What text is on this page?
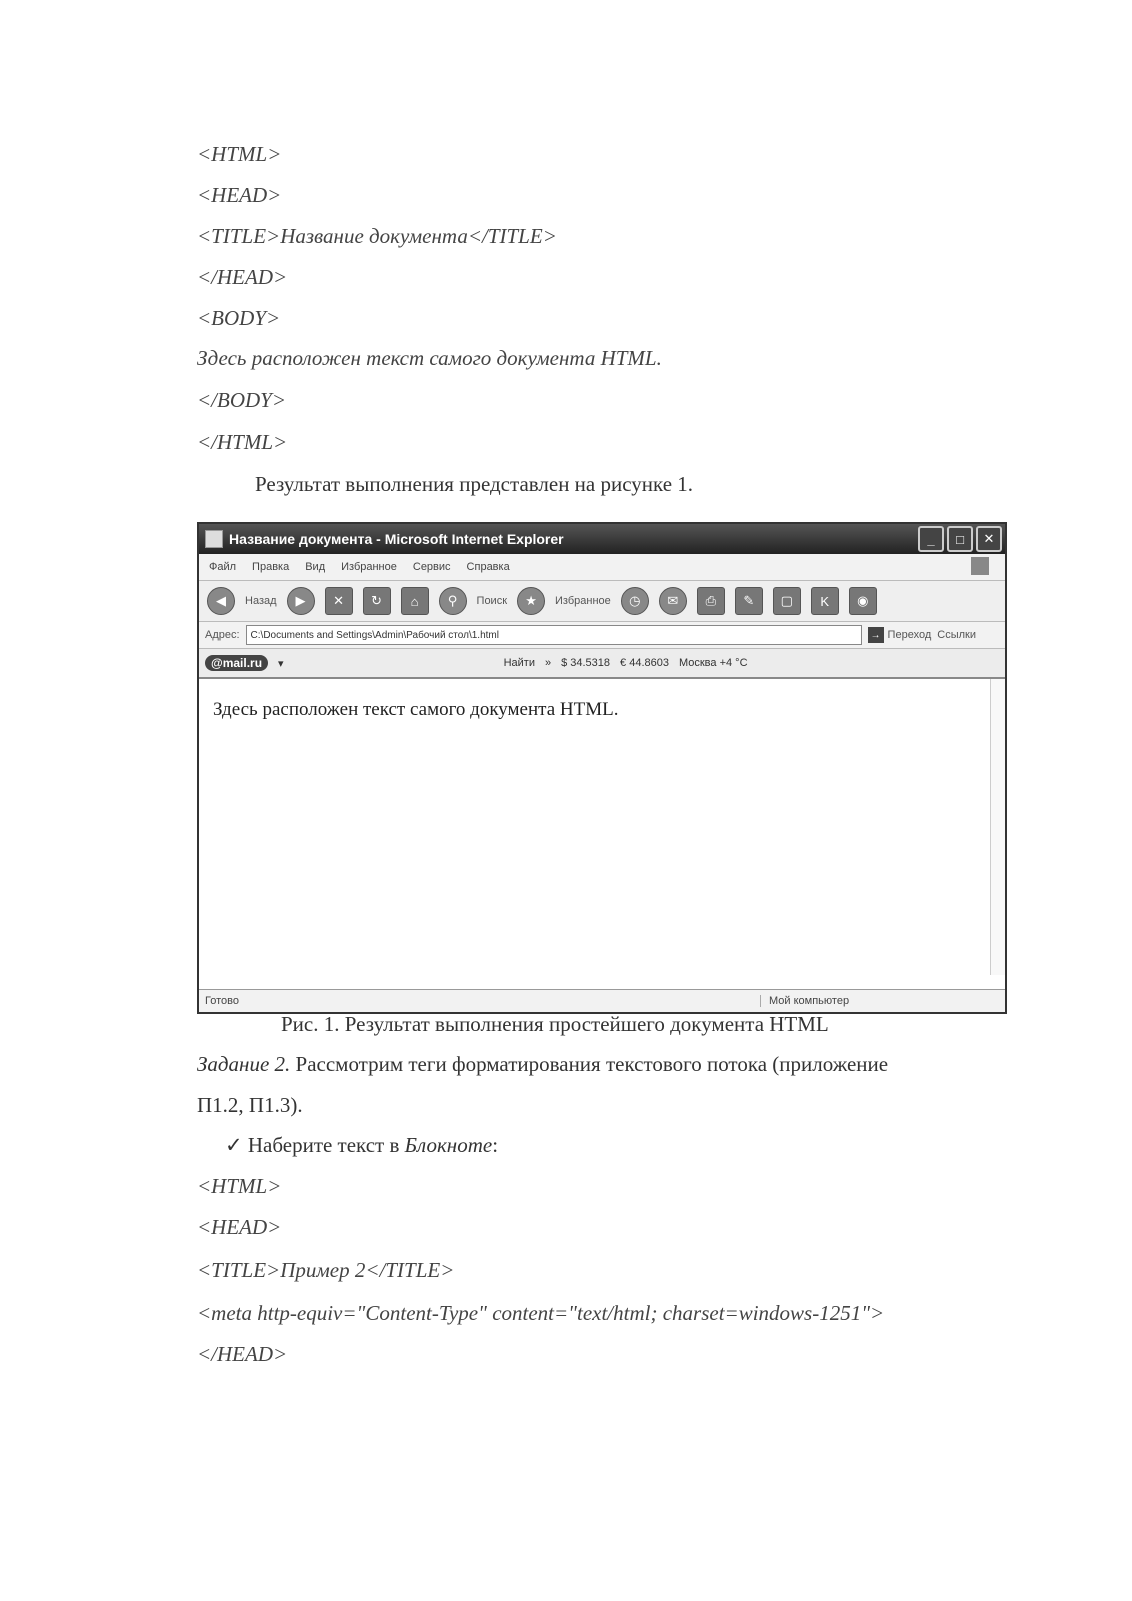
<HTML>
<HEAD>
<TITLE>Название документа</TITLE>
</HEAD>
<BODY>
Здесь расположен текст самого документа HTML.
</BODY>
</HTML>
Результат выполнения представлен на рисунке 1.
Название документа - Microsoft Internet Explorer	_	□	✕
Файл Правка Вид Избранное Сервис Справка
◀	Назад	▶	✕	↻	⌂	⚲	Поиск	★	Избранное	◷	✉	⎙	✎	▢	K	◉
Адрес:	C:\Documents and Settings\Admin\Рабочий стол\1.html	→ Переход Ссылки
@mail.ru	▾	Найти » $ 34.5318 € 44.8603 Москва +4 °С
Здесь расположен текст самого документа HTML.
Готово	Мой компьютер
Рис. 1. Результат выполнения простейшего документа HTML
Задание 2. Рассмотрим теги форматирования текстового потока (приложение
П1.2, П1.3).
✓ Наберите текст в Блокноте:
<HTML>
<HEAD>
<TITLE>Пример 2</TITLE>
<meta http-equiv="Content-Type" content="text/html; charset=windows-1251">
</HEAD>
